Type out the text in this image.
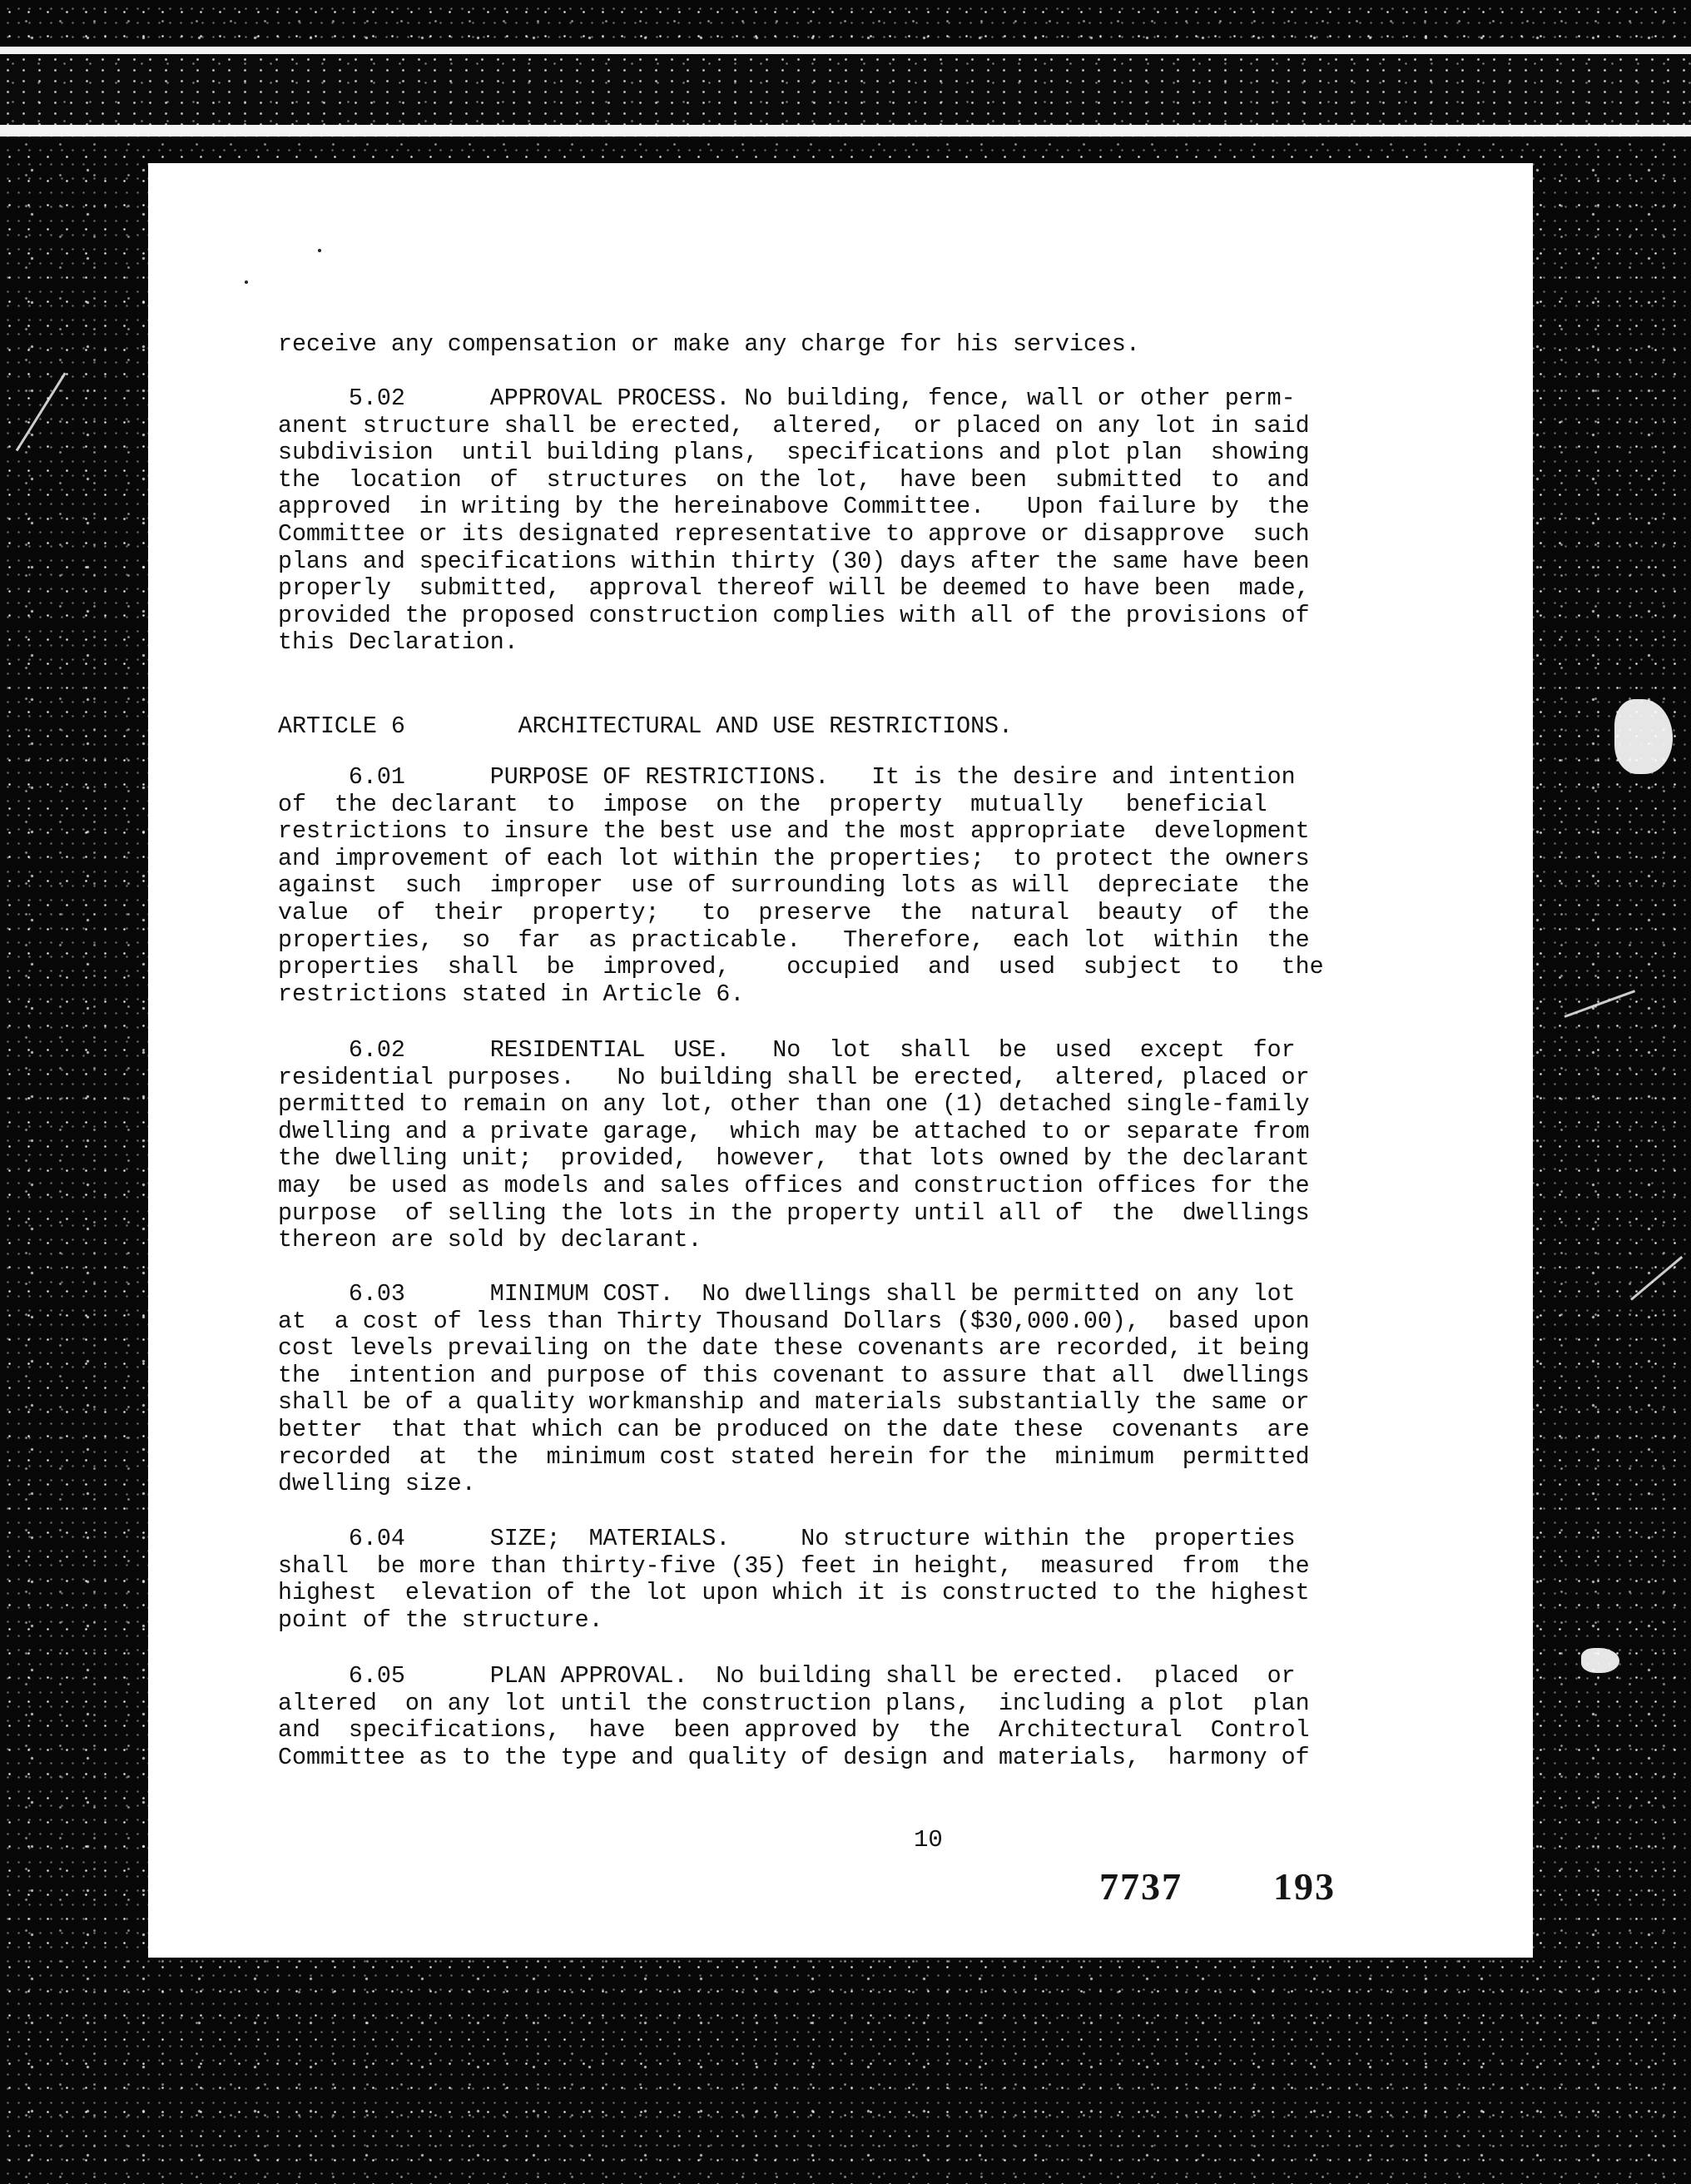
receive any compensation or make any charge for his services.
5.02      APPROVAL PROCESS. No building, fence, wall or other perm-
anent structure shall be erected,  altered,  or placed on any lot in said
subdivision  until building plans,  specifications and plot plan  showing
the  location  of  structures  on the lot,  have been  submitted  to  and
approved  in writing by the hereinabove Committee.   Upon failure by  the
Committee or its designated representative to approve or disapprove  such
plans and specifications within thirty (30) days after the same have been
properly  submitted,  approval thereof will be deemed to have been  made,
provided the proposed construction complies with all of the provisions of
this Declaration.
ARTICLE 6        ARCHITECTURAL AND USE RESTRICTIONS.
6.01      PURPOSE OF RESTRICTIONS.   It is the desire and intention
of  the declarant  to  impose  on the  property  mutually   beneficial
restrictions to insure the best use and the most appropriate  development
and improvement of each lot within the properties;  to protect the owners
against  such  improper  use of surrounding lots as will  depreciate  the
value  of  their  property;   to  preserve  the  natural  beauty  of  the
properties,  so  far  as practicable.   Therefore,  each lot  within  the
properties  shall  be  improved,    occupied  and  used  subject  to   the
restrictions stated in Article 6.
6.02      RESIDENTIAL  USE.   No  lot  shall  be  used  except  for
residential purposes.   No building shall be erected,  altered, placed or
permitted to remain on any lot, other than one (1) detached single-family
dwelling and a private garage,  which may be attached to or separate from
the dwelling unit;  provided,  however,  that lots owned by the declarant
may  be used as models and sales offices and construction offices for the
purpose  of selling the lots in the property until all of  the  dwellings
thereon are sold by declarant.
6.03      MINIMUM COST.  No dwellings shall be permitted on any lot
at  a cost of less than Thirty Thousand Dollars ($30,000.00),  based upon
cost levels prevailing on the date these covenants are recorded, it being
the  intention and purpose of this covenant to assure that all  dwellings
shall be of a quality workmanship and materials substantially the same or
better  that that which can be produced on the date these  covenants  are
recorded  at  the  minimum cost stated herein for the  minimum  permitted
dwelling size.
6.04      SIZE;  MATERIALS.     No structure within the  properties
shall  be more than thirty-five (35) feet in height,  measured  from  the
highest  elevation of the lot upon which it is constructed to the highest
point of the structure.
6.05      PLAN APPROVAL.  No building shall be erected.  placed  or
altered  on any lot until the construction plans,  including a plot  plan
and  specifications,  have  been approved by  the  Architectural  Control
Committee as to the type and quality of design and materials,  harmony of
10
7737 193
